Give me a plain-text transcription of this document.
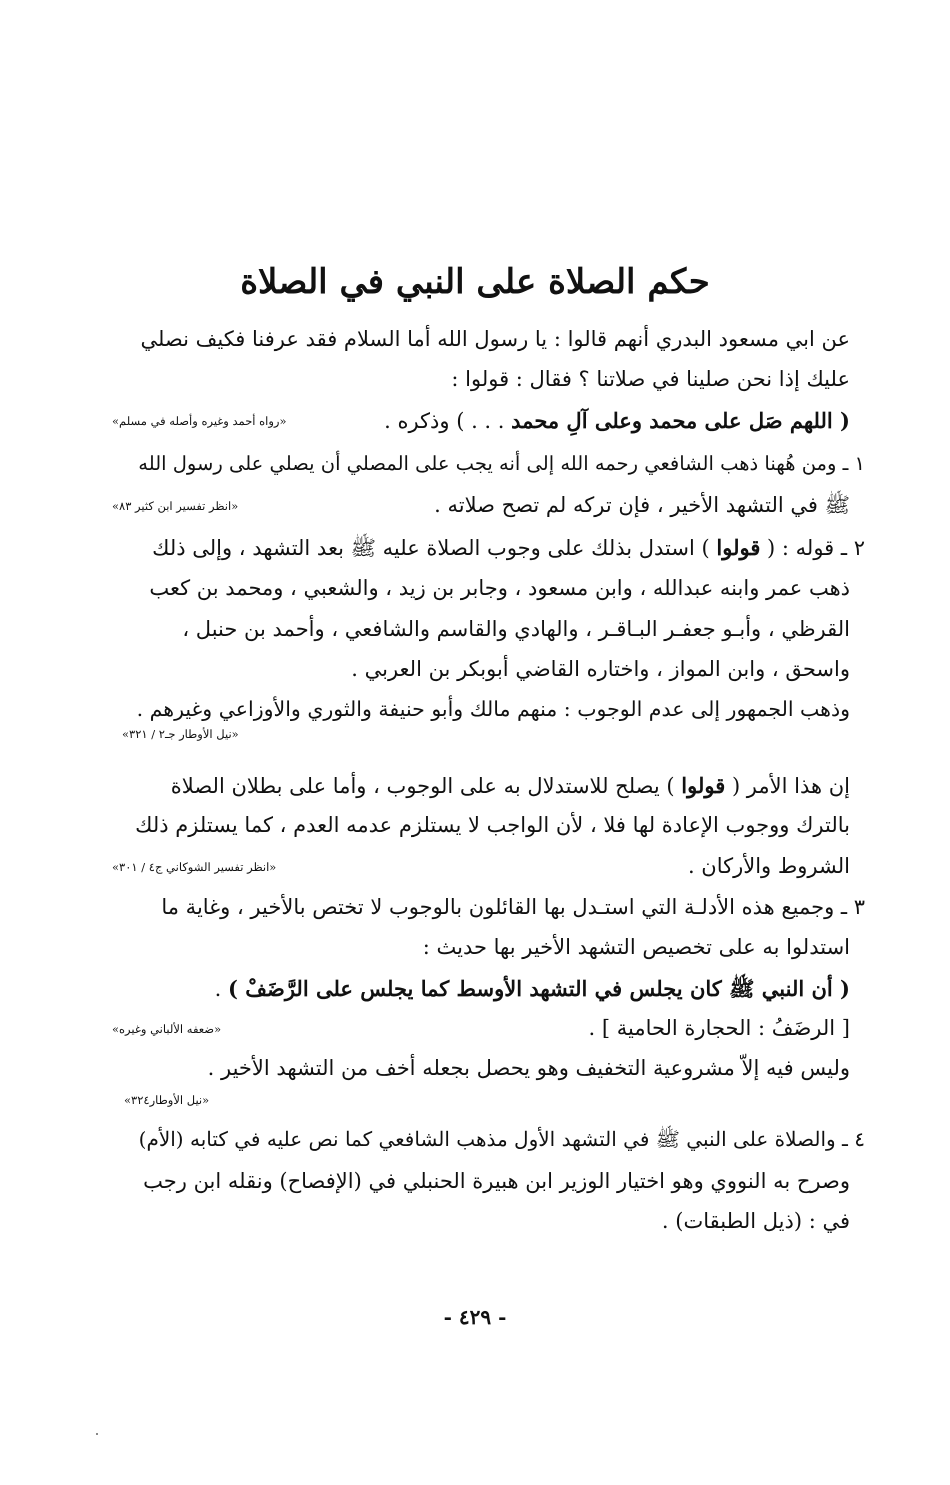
حكم الصلاة على النبي في الصلاة
عن ابي مسعود البدري أنهم قالوا : يا رسول الله أما السلام فقد عرفنا فكيف نصلي
عليك إذا نحن صلينا في صلاتنا ؟ فقال : قولوا :
( اللهم صَل على محمد وعلى آلِ محمد . . . ) وذكره .
«رواه أحمد وغيره وأصله في مسلم»
١ ـ ومن هُهنا ذهب الشافعي رحمه الله إلى أنه يجب على المصلي أن يصلي على رسول الله
ﷺ في التشهد الأخير ، فإن تركه لم تصح صلاته .
«انظر تفسير ابن كثير ٨٣»
٢ ـ قوله : ( قولوا ) استدل بذلك على وجوب الصلاة عليه ﷺ بعد التشهد ، وإلى ذلك
ذهب عمر وابنه عبدالله ، وابن مسعود ، وجابر بن زيد ، والشعبي ، ومحمد بن كعب
القرظي ، وأبـو جعفـر البـاقـر ، والهادي والقاسم والشافعي ، وأحمد بن حنبل ،
واسحق ، وابن المواز ، واختاره القاضي أبوبكر بن العربي .
وذهب الجمهور إلى عدم الوجوب : منهم مالك وأبو حنيفة والثوري والأوزاعي وغيرهم .
«نيل الأوطار جـ٢ / ٣٢١»
إن هذا الأمر ( قولوا ) يصلح للاستدلال به على الوجوب ، وأما على بطلان الصلاة
بالترك ووجوب الإعادة لها فلا ، لأن الواجب لا يستلزم عدمه العدم ، كما يستلزم ذلك
الشروط والأركان .
«انظر تفسير الشوكاني ج٤ / ٣٠١»
٣ ـ وجميع هذه الأدلـة التي استـدل بها القائلون بالوجوب لا تختص بالأخير ، وغاية ما
استدلوا به على تخصيص التشهد الأخير بها حديث :
( أن النبي ﷺ كان يجلس في التشهد الأوسط كما يجلس على الرَّضَفْ ) .
[ الرضَفُ : الحجارة الحامية ] .
«ضعفه الألباني وغيره»
وليس فيه إلاّ مشروعية التخفيف وهو يحصل بجعله أخف من التشهد الأخير .
«نيل الأوطار٣٢٤»
٤ ـ والصلاة على النبي ﷺ في التشهد الأول مذهب الشافعي كما نص عليه في كتابه (الأم)
وصرح به النووي وهو اختيار الوزير ابن هبيرة الحنبلي في (الإفصاح) ونقله ابن رجب
في : (ذيل الطبقات) .
- ٤٢٩ -
